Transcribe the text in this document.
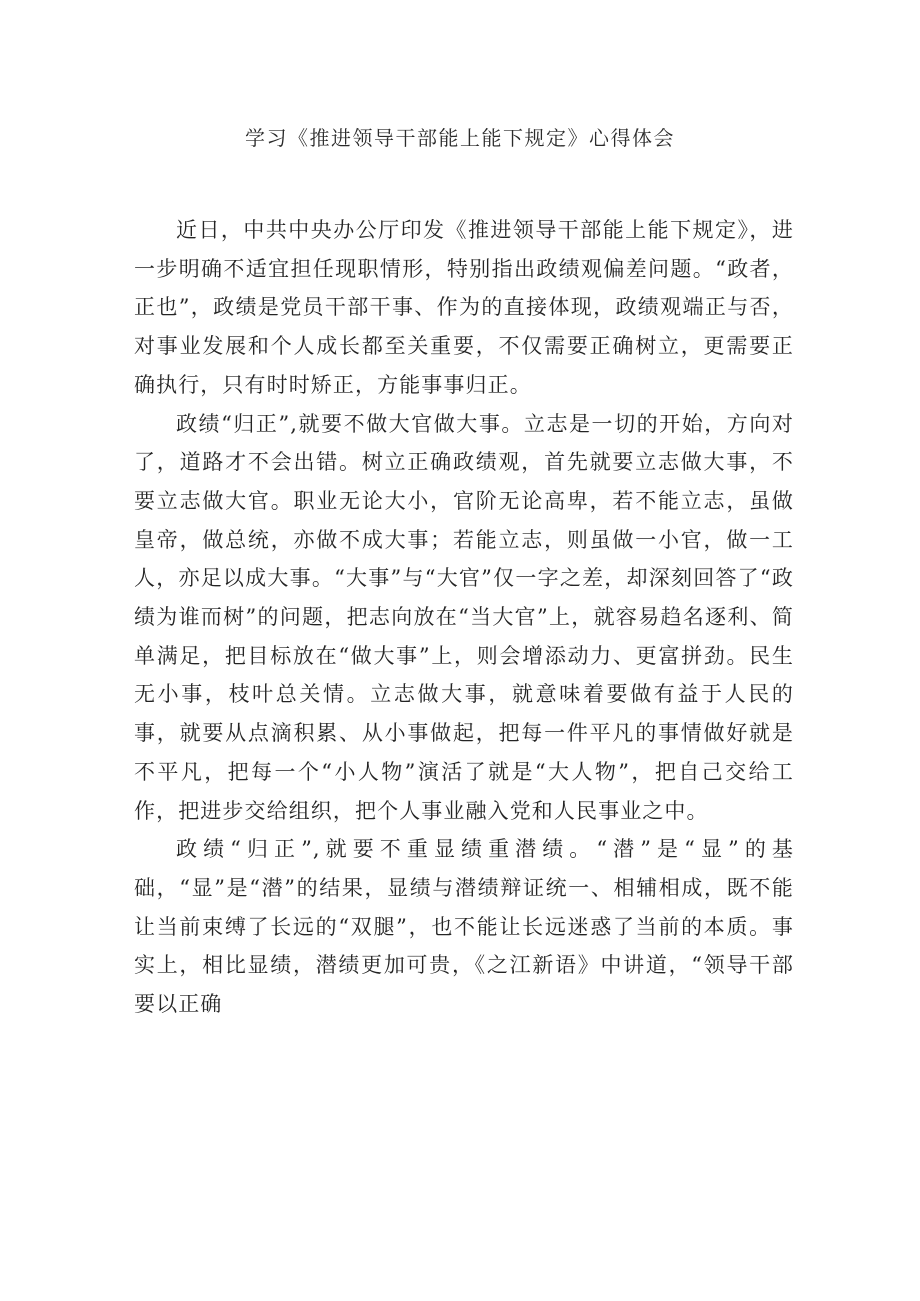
学习《推进领导干部能上能下规定》心得体会

近日，中共中央办公厅印发《推进领导干部能上能下规定》，进一步明确不适宜担任现职情形，特别指出政绩观偏差问题。“政者，正也”，政绩是党员干部干事、作为的直接体现，政绩观端正与否，对事业发展和个人成长都至关重要，不仅需要正确树立，更需要正确执行，只有时时矫正，方能事事归正。

政绩“归正”,就要不做大官做大事。立志是一切的开始，方向对了，道路才不会出错。树立正确政绩观，首先就要立志做大事，不要立志做大官。职业无论大小，官阶无论高卑，若不能立志，虽做皇帝，做总统，亦做不成大事；若能立志，则虽做一小官，做一工人，亦足以成大事。“大事”与“大官”仅一字之差，却深刻回答了“政绩为谁而树”的问题，把志向放在“当大官”上，就容易趋名逐利、简单满足，把目标放在“做大事”上，则会增添动力、更富拼劲。民生无小事，枝叶总关情。立志做大事，就意味着要做有益于人民的事，就要从点滴积累、从小事做起，把每一件平凡的事情做好就是不平凡，把每一个“小人物”演活了就是“大人物”，把自己交给工作，把进步交给组织，把个人事业融入党和人民事业之中。

政绩“归正”,就要不重显绩重潜绩。“潜”是“显”的基础，“显”是“潜”的结果，显绩与潜绩辩证统一、相辅相成，既不能让当前束缚了长远的“双腿”，也不能让长远迷惑了当前的本质。事实上，相比显绩，潜绩更加可贵，《之江新语》中讲道，“领导干部要以正确
